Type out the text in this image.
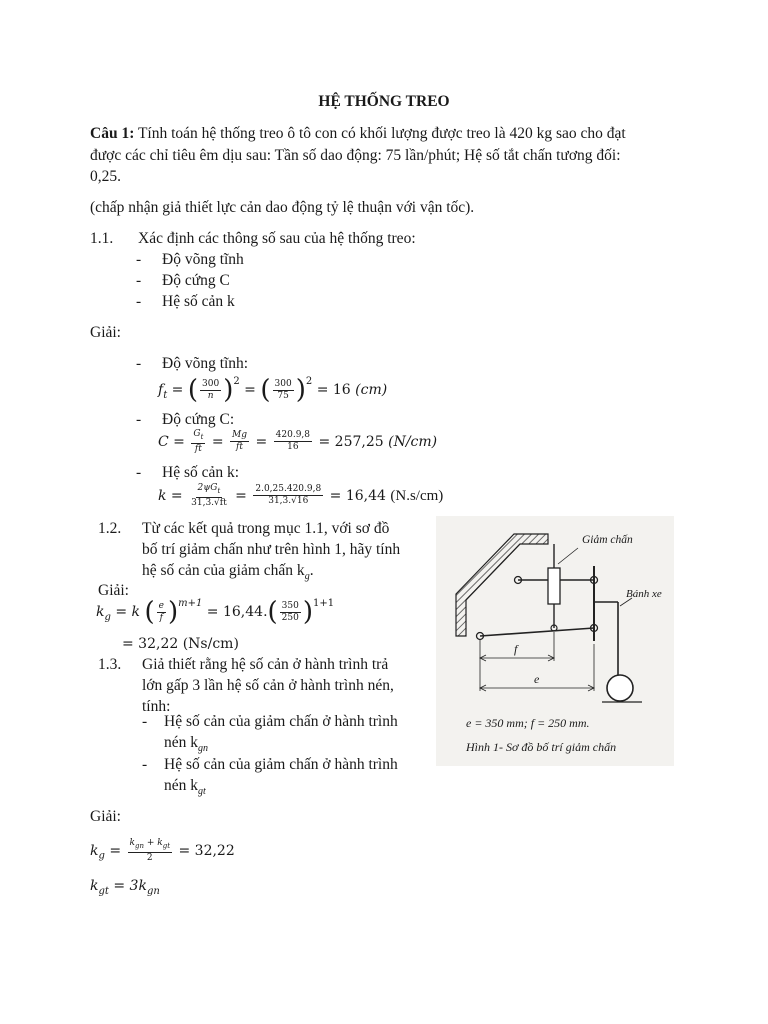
HỆ THỐNG TREO
Câu 1: Tính toán hệ thống treo ô tô con có khối lượng được treo là 420 kg sao cho đạt
được các chỉ tiêu êm dịu sau: Tần số dao động: 75 lần/phút; Hệ số tắt chấn tương đối:
0,25.
(chấp nhận giả thiết lực cản dao động tỷ lệ thuận với vận tốc).
1.1. Xác định các thông số sau của hệ thống treo:
- Độ võng tĩnh
- Độ cứng C
- Hệ số cản k
Giải:
- Độ võng tĩnh:
$f_t$ = ( $\frac{300}{n} )^2$ = ( $\frac{300}{75} )^2 = 16$ (cm)
- Độ cứng C:
$C = \frac{G_t}{ft} = \frac{Mg}{ft} = \frac{420.9,8}{16} = 257,25$ (N/cm)
- Hệ số cản k:
$k = \frac{2\psi G_t}{31,3.√ft} = \frac{2.0,25.420.9,8}{31,3.√16} = 16,44$ (N.s/cm)
1.2. Từ các kết quả trong mục 1.1, với sơ đồ
bố trí giảm chấn như trên hình 1, hãy tính
hệ số cản của giảm chấn $k_g$.
Giải:
$k_g = k$ ( $\frac{e}{f} )^{m+1} = 16,44.( \frac{350}{250} )^{1+1}$
= 32,22 (Ns/cm)
1.3. Giả thiết rằng hệ số cản ở hành trình trả
lớn gấp 3 lần hệ số cản ở hành trình nén,
tính:
- Hệ số cản của giảm chấn ở hành trình
nén $k_{gn}$
- Hệ số cản của giảm chấn ở hành trình
nén $k_{gt}$
Giải:
$k_g = \frac{k_{gn} + k_{gt}}{2} = 32,22$
$k_{gt} = 3k_{gn}$
Giảm chấn
Bánh xe
f
e
e = 350 mm; f = 250 mm.
Hình 1- Sơ đồ bố trí giảm chấn
